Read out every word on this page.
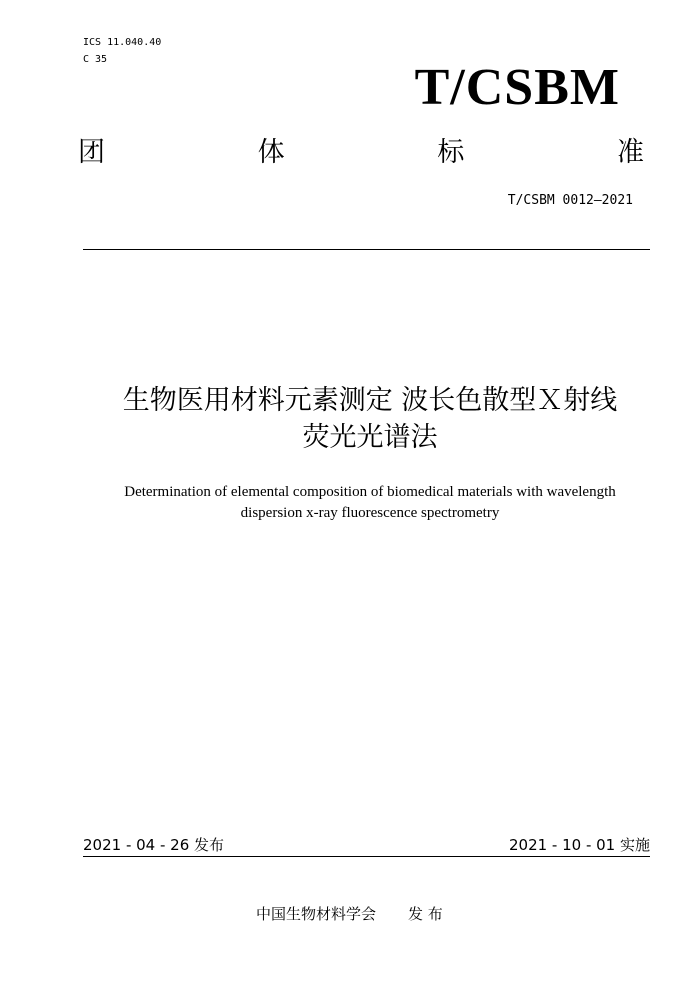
ICS 11.040.40
C 35	T/CSBM
团	体	标	准
T/CSBM 0012—2021
生物医用材料元素测定 波长色散型Ｘ射线
荧光光谱法
Determination of elemental composition of biomedical materials with wavelength
dispersion x-ray fluorescence spectrometry
2021 - 04 - 26 发布	2021 - 10 - 01 实施
中国生物材料学会 发 布
